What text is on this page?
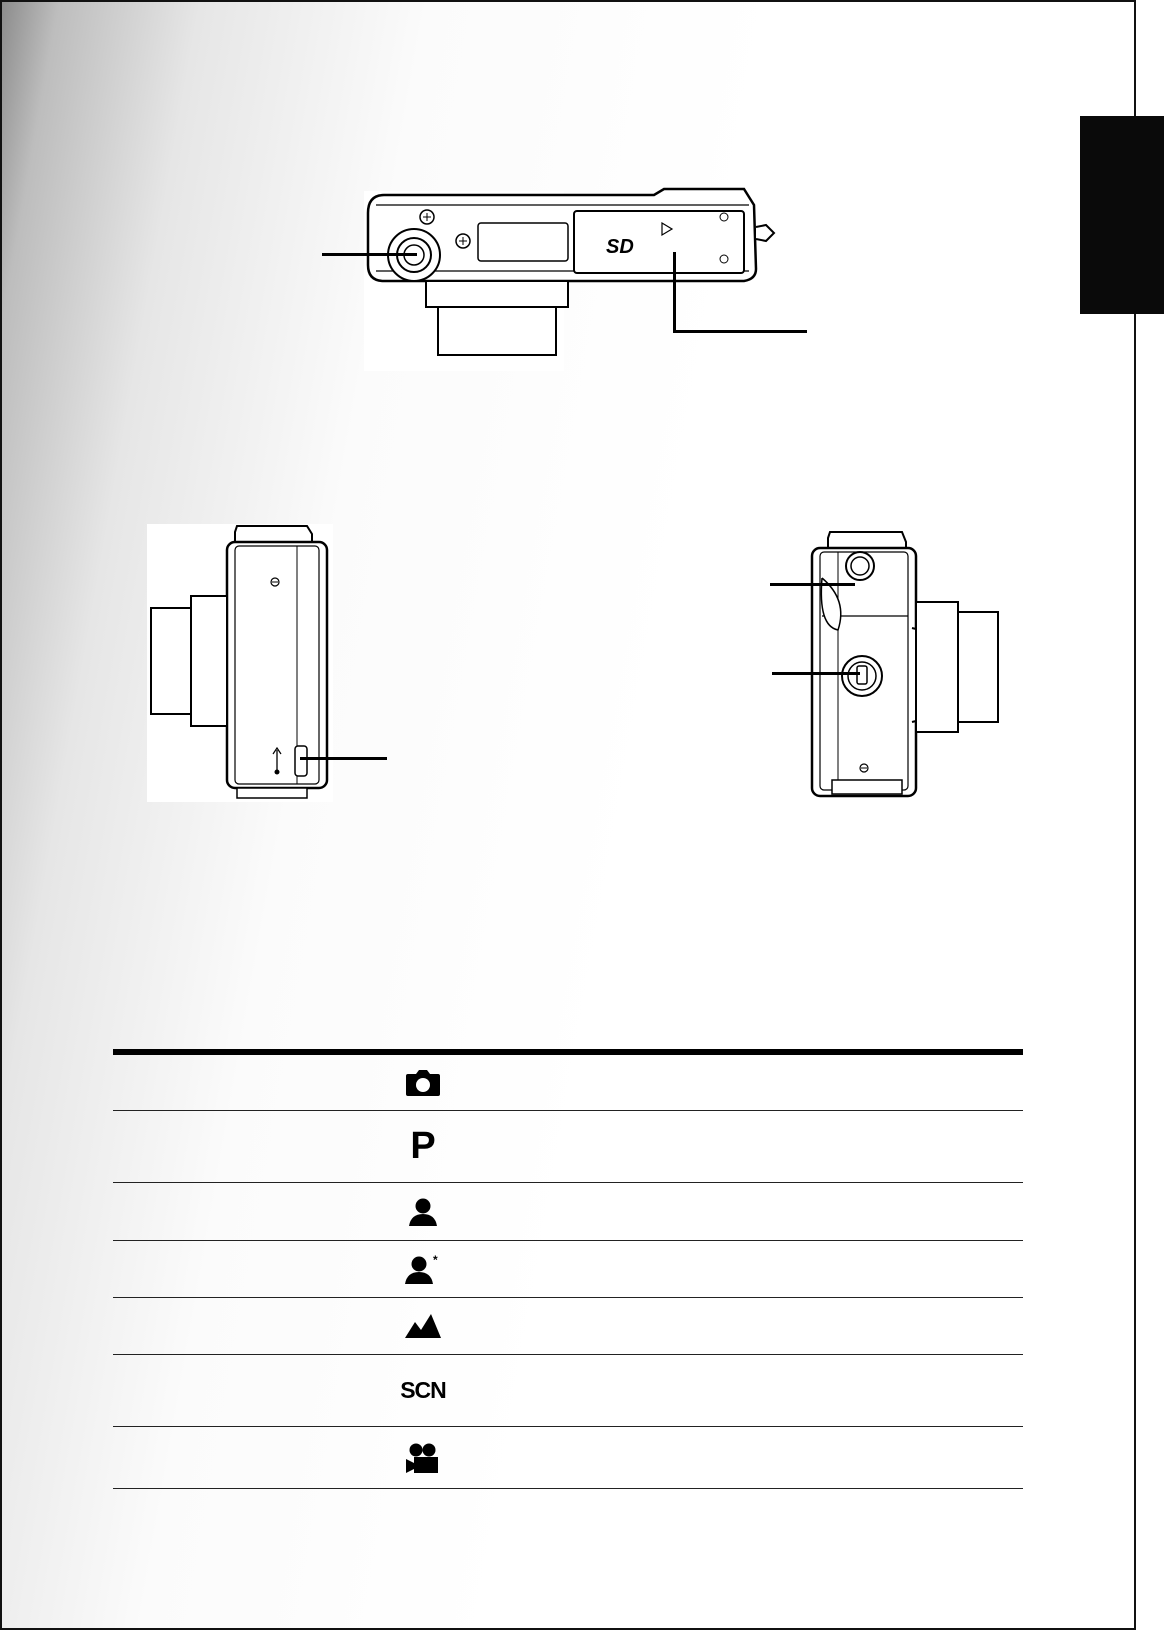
SD
P
*
SCN
